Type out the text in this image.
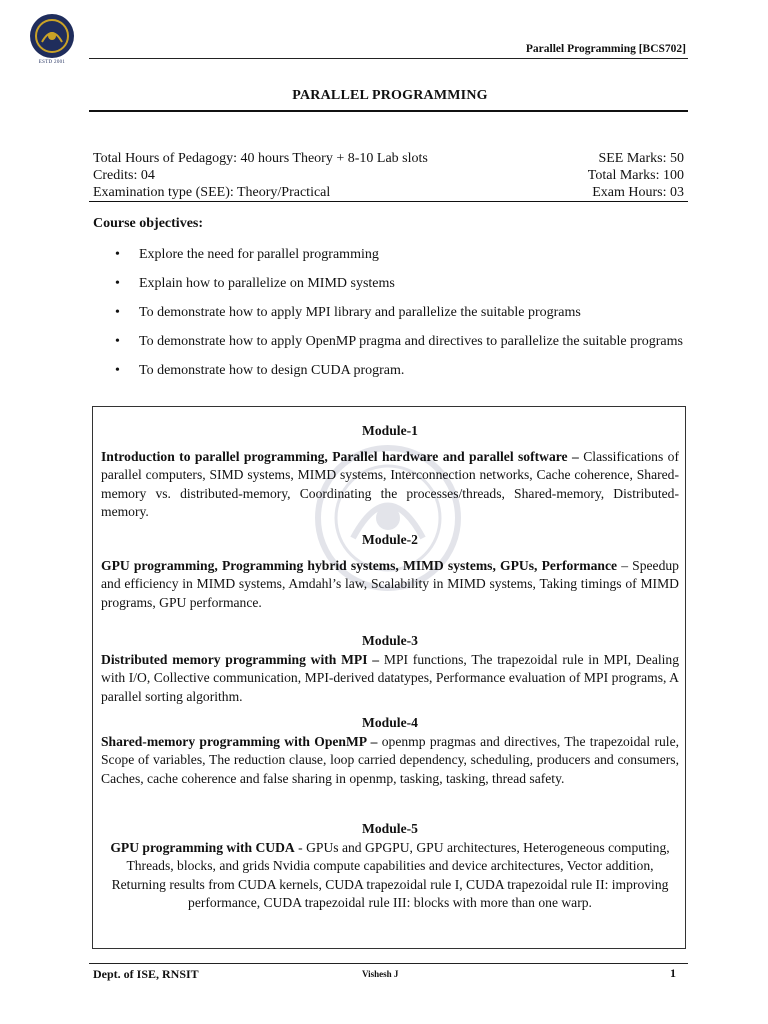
ESTD 2001
Parallel Programming [BCS702]
PARALLEL PROGRAMMING
Total Hours of Pedagogy: 40 hours Theory + 8-10 Lab slots	SEE Marks: 50
Credits: 04	Total Marks: 100
Examination type (SEE): Theory/Practical	Exam Hours: 03
Course objectives:
• Explore the need for parallel programming
• Explain how to parallelize on MIMD systems
• To demonstrate how to apply MPI library and parallelize the suitable programs
• To demonstrate how to apply OpenMP pragma and directives to parallelize the suitable programs
• To demonstrate how to design CUDA program.
Module-1
Introduction to parallel programming, Parallel hardware and parallel software – Classifications of parallel computers, SIMD systems, MIMD systems, Interconnection networks, Cache coherence, Shared-memory vs. distributed-memory, Coordinating the processes/threads, Shared-memory, Distributed-memory.
Module-2
GPU programming, Programming hybrid systems, MIMD systems, GPUs, Performance – Speedup and efficiency in MIMD systems, Amdahl’s law, Scalability in MIMD systems, Taking timings of MIMD programs, GPU performance.
Module-3
Distributed memory programming with MPI – MPI functions, The trapezoidal rule in MPI, Dealing with I/O, Collective communication, MPI-derived datatypes, Performance evaluation of MPI programs, A parallel sorting algorithm.
Module-4
Shared-memory programming with OpenMP – openmp pragmas and directives, The trapezoidal rule, Scope of variables, The reduction clause, loop carried dependency, scheduling, producers and consumers, Caches, cache coherence and false sharing in openmp, tasking, tasking, thread safety.
Module-5
GPU programming with CUDA - GPUs and GPGPU, GPU architectures, Heterogeneous computing, Threads, blocks, and grids Nvidia compute capabilities and device architectures, Vector addition, Returning results from CUDA kernels, CUDA trapezoidal rule I, CUDA trapezoidal rule II: improving performance, CUDA trapezoidal rule III: blocks with more than one warp.
Dept. of ISE, RNSIT	Vishesh J	1
